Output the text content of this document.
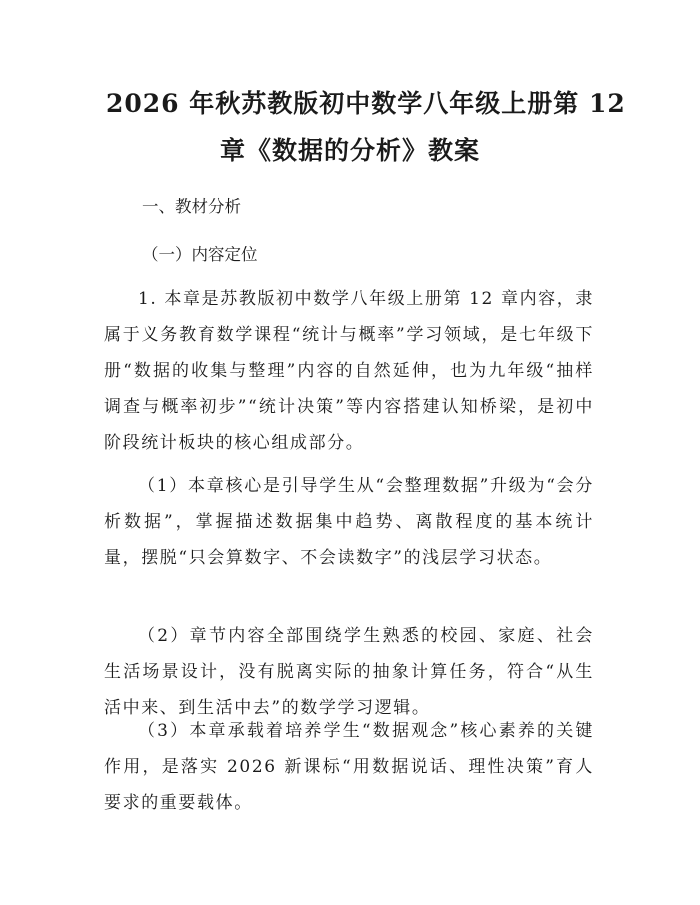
2026 年秋苏教版初中数学八年级上册第 12
章《数据的分析》教案
一、教材分析
（一）内容定位
1. 本章是苏教版初中数学八年级上册第 12 章内容，隶属于义务教育数学课程“统计与概率”学习领域，是七年级下册“数据的收集与整理”内容的自然延伸，也为九年级“抽样调查与概率初步”“统计决策”等内容搭建认知桥梁，是初中阶段统计板块的核心组成部分。
（1）本章核心是引导学生从“会整理数据”升级为“会分析数据”，掌握描述数据集中趋势、离散程度的基本统计量，摆脱“只会算数字、不会读数字”的浅层学习状态。
（2）章节内容全部围绕学生熟悉的校园、家庭、社会生活场景设计，没有脱离实际的抽象计算任务，符合“从生活中来、到生活中去”的数学学习逻辑。
（3）本章承载着培养学生“数据观念”核心素养的关键作用，是落实 2026 新课标“用数据说话、理性决策”育人要求的重要载体。
